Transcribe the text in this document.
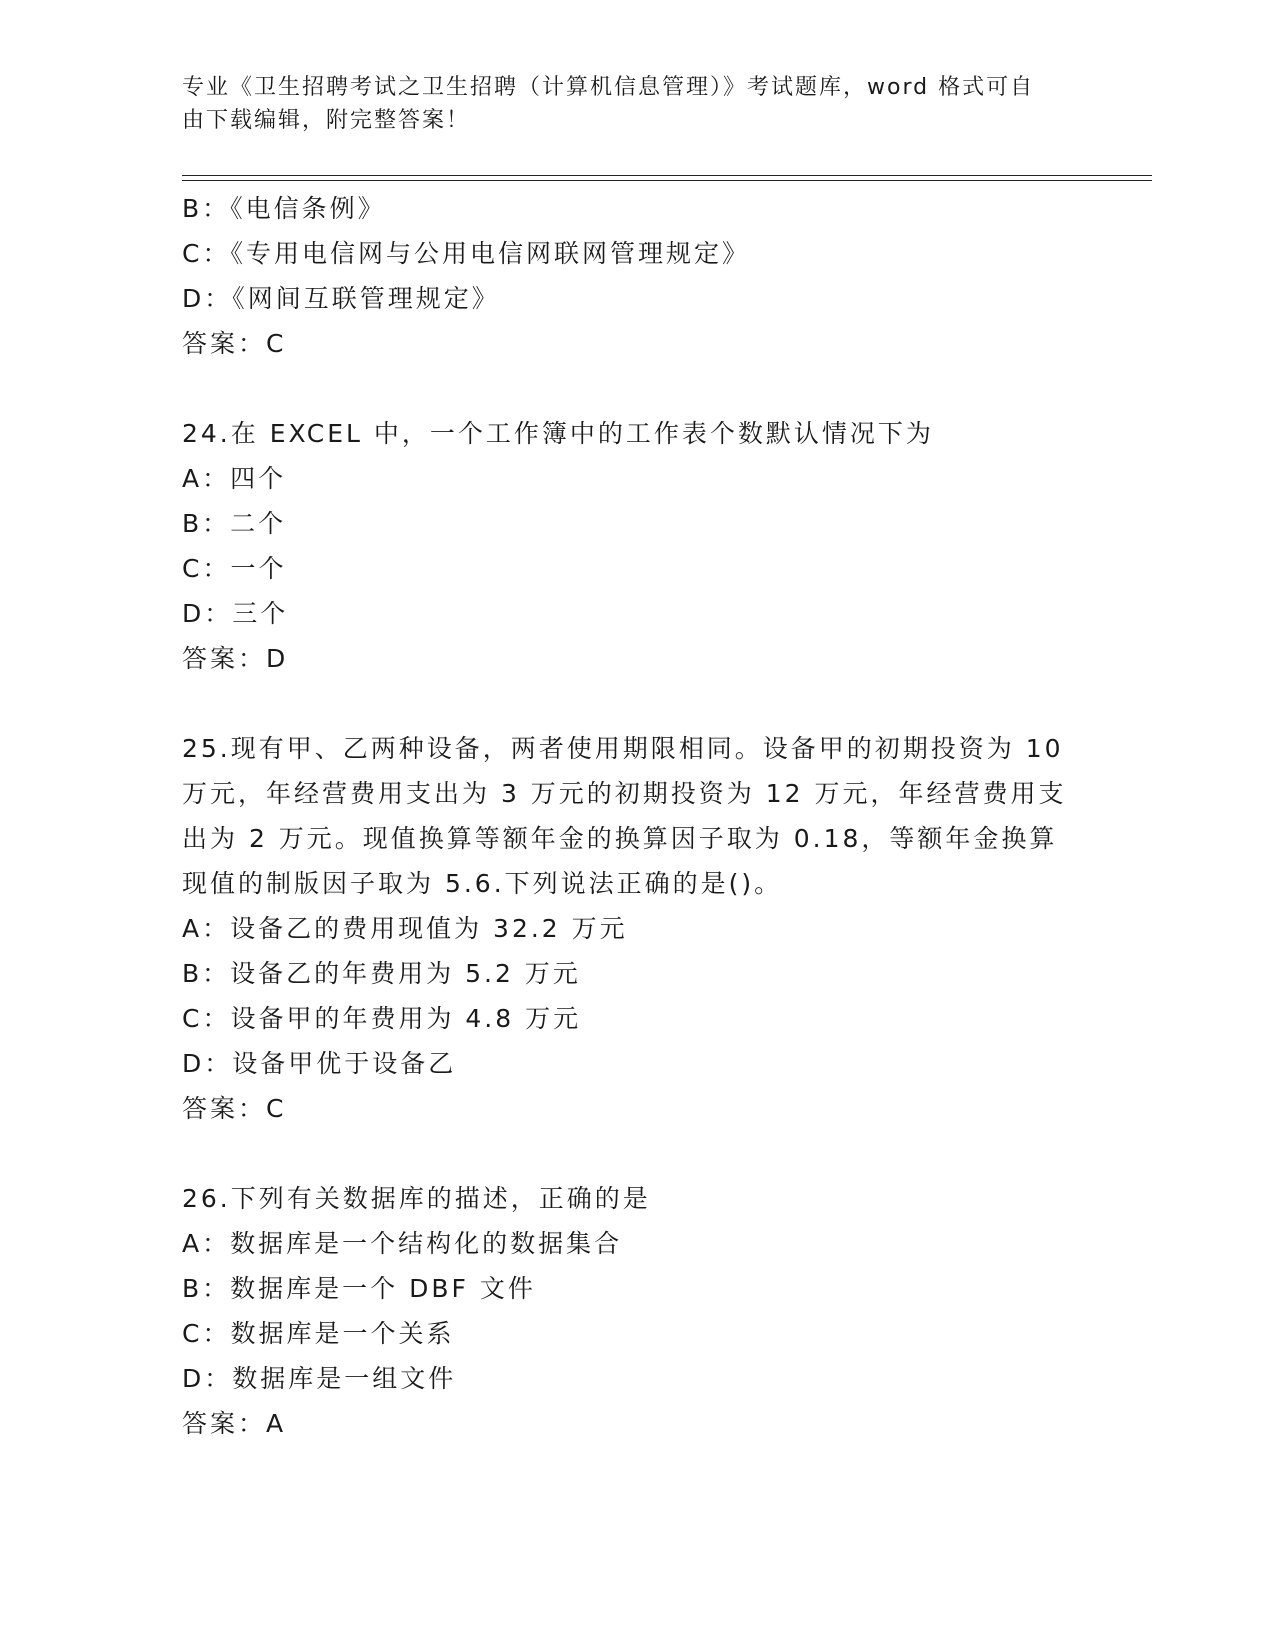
专业《卫生招聘考试之卫生招聘（计算机信息管理）》考试题库，word 格式可自

由下载编辑，附完整答案！

B：《电信条例》
C：《专用电信网与公用电信网联网管理规定》
D：《网间互联管理规定》
答案：C
24.在 EXCEL 中，一个工作簿中的工作表个数默认情况下为
A：四个
B：二个
C：一个
D：三个
答案：D
25.现有甲、乙两种设备，两者使用期限相同。设备甲的初期投资为 10
万元，年经营费用支出为 3 万元的初期投资为 12 万元，年经营费用支
出为 2 万元。现值换算等额年金的换算因子取为 0.18，等额年金换算
现值的制版因子取为 5.6.下列说法正确的是()。
A：设备乙的费用现值为 32.2 万元
B：设备乙的年费用为 5.2 万元
C：设备甲的年费用为 4.8 万元
D：设备甲优于设备乙
答案：C
26.下列有关数据库的描述，正确的是
A：数据库是一个结构化的数据集合
B：数据库是一个 DBF 文件
C：数据库是一个关系
D：数据库是一组文件
答案：A
